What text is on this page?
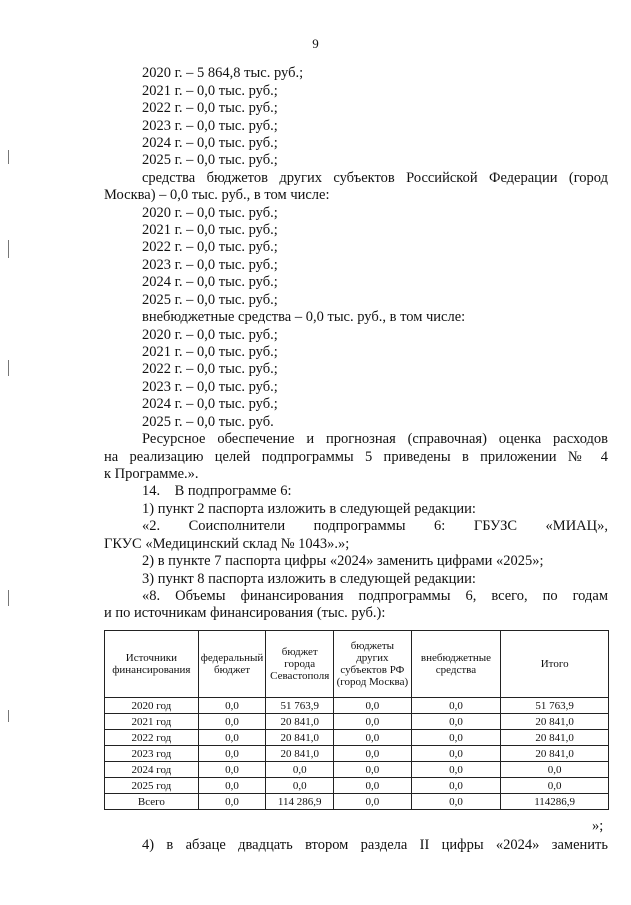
9
2020 г. – 5 864,8 тыс. руб.;
2021 г. – 0,0 тыс. руб.;
2022 г. – 0,0 тыс. руб.;
2023 г. – 0,0 тыс. руб.;
2024 г. – 0,0 тыс. руб.;
2025 г. – 0,0 тыс. руб.;
средства бюджетов других субъектов Российской Федерации (город
Москва) – 0,0 тыс. руб., в том числе:
2020 г. – 0,0 тыс. руб.;
2021 г. – 0,0 тыс. руб.;
2022 г. – 0,0 тыс. руб.;
2023 г. – 0,0 тыс. руб.;
2024 г. – 0,0 тыс. руб.;
2025 г. – 0,0 тыс. руб.;
внебюджетные средства – 0,0 тыс. руб., в том числе:
2020 г. – 0,0 тыс. руб.;
2021 г. – 0,0 тыс. руб.;
2022 г. – 0,0 тыс. руб.;
2023 г. – 0,0 тыс. руб.;
2024 г. – 0,0 тыс. руб.;
2025 г. – 0,0 тыс. руб.
Ресурсное обеспечение и прогнозная (справочная) оценка расходов
на реализацию целей подпрограммы 5 приведены в приложении № 4
к Программе.».
14.    В подпрограмме 6:
1) пункт 2 паспорта изложить в следующей редакции:
«2. Соисполнители подпрограммы 6: ГБУЗС «МИАЦ»,
ГКУС «Медицинский склад № 1043».»;
2) в пункте 7 паспорта цифры «2024» заменить цифрами «2025»;
3) пункт 8 паспорта изложить в следующей редакции:
«8. Объемы финансирования подпрограммы 6, всего, по годам
и по источникам финансирования (тыс. руб.):
Источники финансирования	федеральный бюджет	бюджет города Севастополя	бюджеты других субъектов РФ (город Москва)	внебюджетные средства	Итого
2020 год	0,0	51 763,9	0,0	0,0	51 763,9
2021 год	0,0	20 841,0	0,0	0,0	20 841,0
2022 год	0,0	20 841,0	0,0	0,0	20 841,0
2023 год	0,0	20 841,0	0,0	0,0	20 841,0
2024 год	0,0	0,0	0,0	0,0	0,0
2025 год	0,0	0,0	0,0	0,0	0,0
Всего	0,0	114 286,9	0,0	0,0	114286,9
»;
4) в абзаце двадцать втором раздела II цифры «2024» заменить
